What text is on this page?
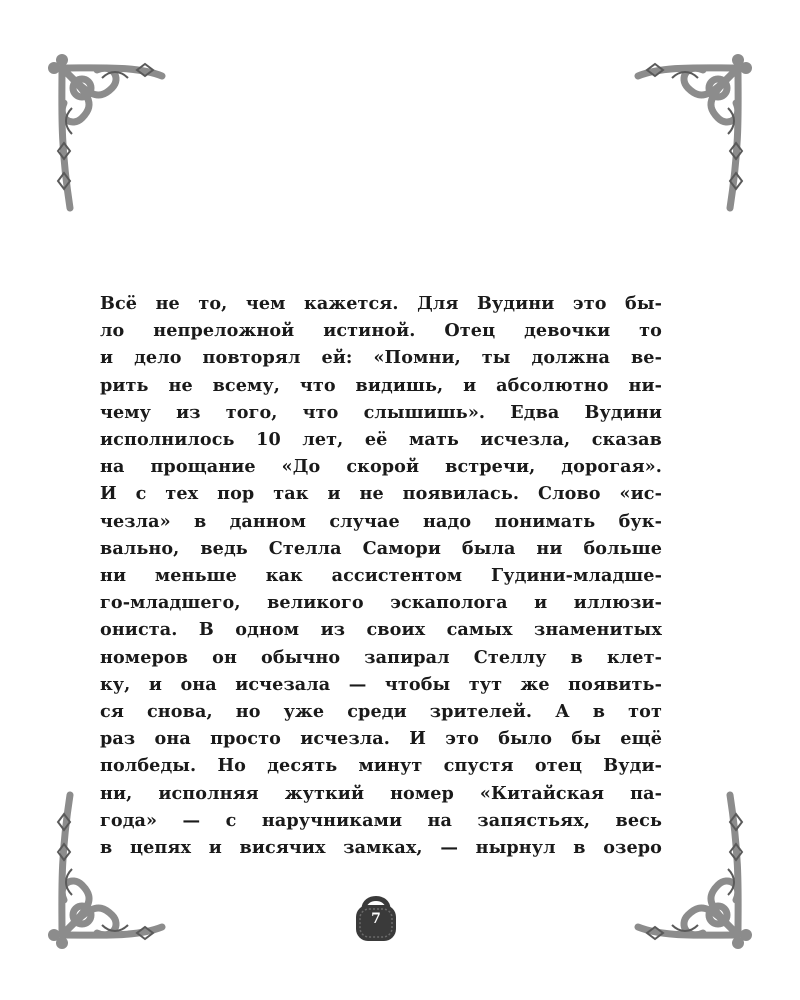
Всё не то, чем кажется. Для Вудини это бы-
ло непреложной истиной. Отец девочки то
и дело повторял ей: «Помни, ты должна ве-
рить не всему, что видишь, и абсолютно ни-
чему из того, что слышишь». Едва Вудини
исполнилось 10 лет, её мать исчезла, сказав
на прощание «До скорой встречи, дорогая».
И с тех пор так и не появилась. Слово «ис-
чезла» в данном случае надо понимать бук-
вально, ведь Стелла Самори была ни больше
ни меньше как ассистентом Гудини-младше-
го-младшего, великого эскапологa и иллюзи-
ониста. В одном из своих самых знаменитых
номеров он обычно запирал Стеллу в клет-
ку, и она исчезала — чтобы тут же появить-
ся снова, но уже среди зрителей. А в тот
раз она просто исчезла. И это было бы ещё
полбеды. Но десять минут спустя отец Вуди-
ни, исполняя жуткий номер «Китайская па-
года» — с наручниками на запястьях, весь
в цепях и висячих замках, — нырнул в озеро
7
